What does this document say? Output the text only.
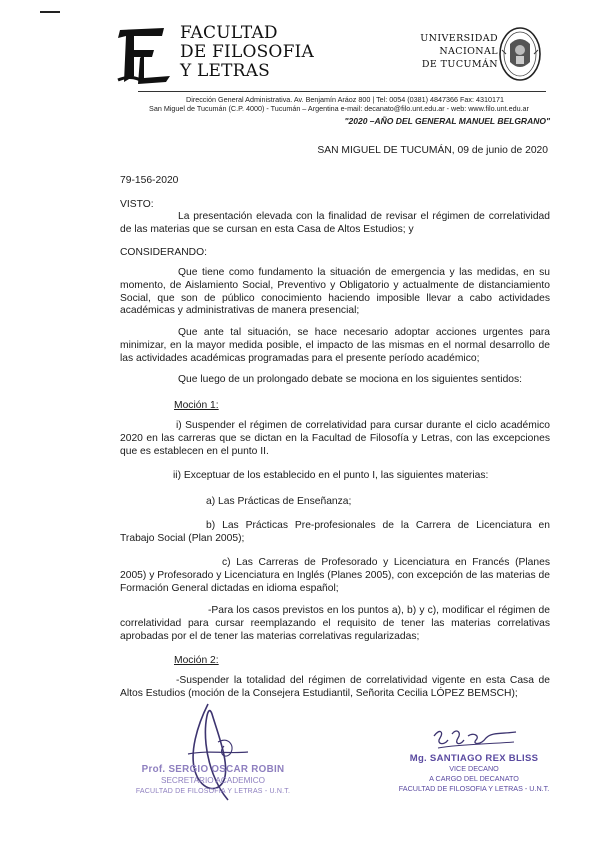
FACULTAD
DE FILOSOFIA
Y LETRAS
UNIVERSIDAD
NACIONAL
DE TUCUMÁN
Dirección General Administrativa. Av. Benjamín Aráoz 800 | Tel: 0054 (0381) 4847366 Fax: 4310171
San Miguel de Tucumán (C.P. 4000) - Tucumán – Argentina e-mail: decanato@filo.unt.edu.ar - web: www.filo.unt.edu.ar
"2020 –AÑO DEL GENERAL MANUEL BELGRANO"
SAN MIGUEL DE TUCUMÁN, 09 de junio de 2020
79-156-2020
VISTO:
La presentación elevada con la finalidad de revisar el régimen de correlatividad de las materias que se cursan en esta Casa de Altos Estudios; y
CONSIDERANDO:
Que tiene como fundamento la situación de emergencia y las medidas, en su momento, de Aislamiento Social, Preventivo y Obligatorio y actualmente de distanciamiento Social, que son de público conocimiento haciendo imposible llevar a cabo actividades académicas y administrativas de manera presencial;
Que ante tal situación, se hace necesario adoptar acciones urgentes para minimizar, en la mayor medida posible, el impacto de las mismas en el normal desarrollo de las actividades académicas programadas para el presente período académico;
Que luego de un prolongado debate se mociona en los siguientes sentidos:
Moción 1:
i) Suspender el régimen de correlatividad para cursar durante el ciclo académico 2020 en las carreras que se dictan en la Facultad de Filosofía y Letras, con las excepciones que es establecen en el punto II.
ii) Exceptuar de los establecido en el punto I, las siguientes materias:
a) Las Prácticas de Enseñanza;
b) Las Prácticas Pre-profesionales de la Carrera de Licenciatura en Trabajo Social (Plan 2005);
c) Las Carreras de Profesorado y Licenciatura en Francés (Planes 2005) y Profesorado y Licenciatura en Inglés (Planes 2005), con excepción de las materias de Formación General dictadas en idioma español;
-Para los casos previstos en los puntos a), b) y c), modificar el régimen de correlatividad para cursar reemplazando el requisito de tener las materias correlativas aprobadas por el de tener las materias correlativas regularizadas;
Moción 2:
-Suspender la totalidad del régimen de correlatividad vigente en esta Casa de Altos Estudios (moción de la Consejera Estudiantil, Señorita Cecilia LÓPEZ BEMSCH);
Prof. SERGIO OSCAR ROBIN
SECRETARIO ACADEMICO
FACULTAD DE FILOSOFIA Y LETRAS - U.N.T.
Mg. SANTIAGO REX BLISS
VICE DECANO
A CARGO DEL DECANATO
FACULTAD DE FILOSOFIA Y LETRAS - U.N.T.
